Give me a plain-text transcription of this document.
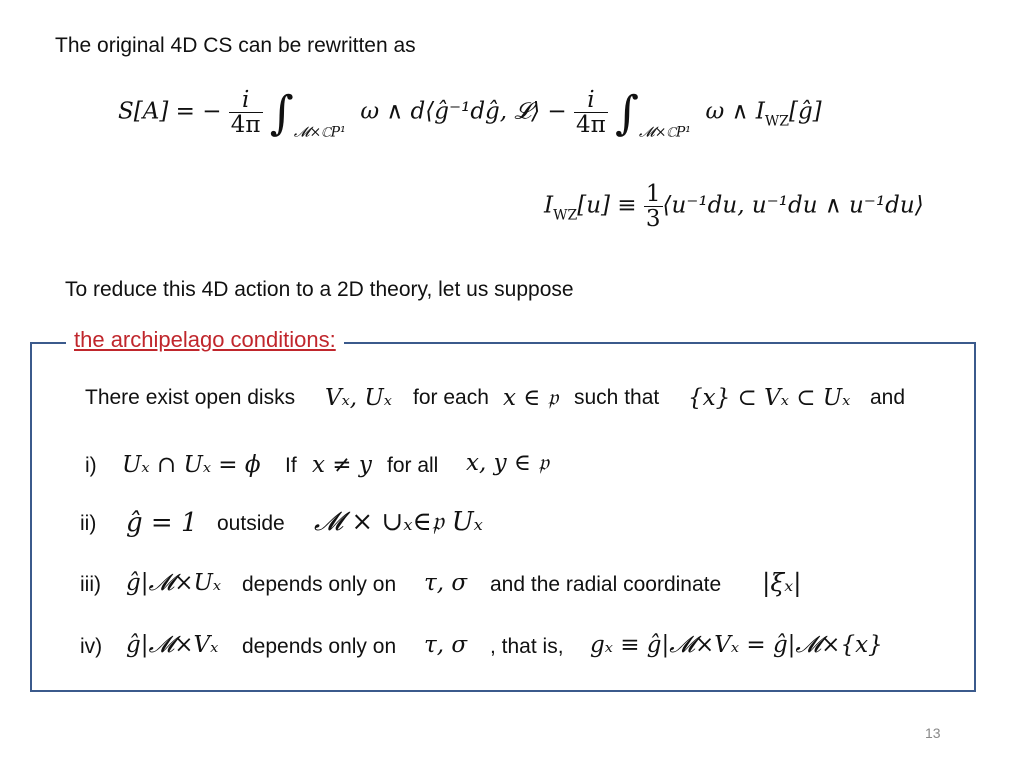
The original 4D CS can be rewritten as
S[A] = − $\frac{i}{4\pi} \int_{𝓜\times ℂP^1}$  ω ∧ d⟨ĝ⁻¹dĝ, 𝓛⟩ − $\frac{i}{4\pi} \int_{𝓜\times ℂP^1}$  ω ∧ $I_{WZ}[ĝ]$
$I_{WZ}[u] \equiv \frac{1}{3}$ ⟨u⁻¹du, u⁻¹du ∧ u⁻¹du⟩
To reduce this 4D action to a 2D theory, let us suppose
the archipelago conditions:
There exist open disks Vₓ, Uₓ for each x ∈ 𝔭 such that {x} ⊂ Vₓ ⊂ Uₓ and
i) Uₓ ∩ Uₓ = ϕ If x ≠ y for all x, y ∈ 𝔭
ii) ĝ = 1 outside 𝓜 × ∪ₓ∈𝔭 Uₓ
iii) ĝ|𝓜×Uₓ depends only on τ, σ and the radial coordinate |ξₓ|
iv) ĝ|𝓜×Vₓ depends only on τ, σ , that is, gₓ ≡ ĝ|𝓜×Vₓ = ĝ|𝓜×{x}
13
